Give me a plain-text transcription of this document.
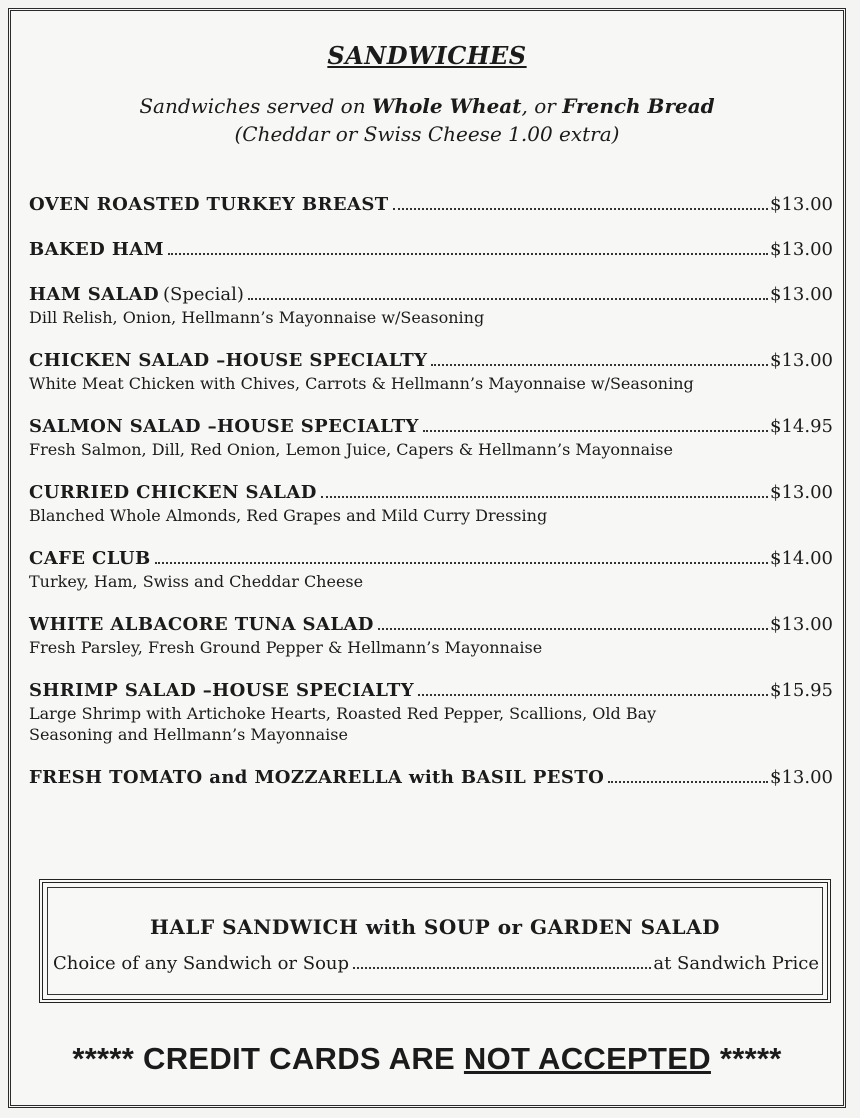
SANDWICHES
Sandwiches served on Whole Wheat, or French Bread
(Cheddar or Swiss Cheese 1.00 extra)
OVEN ROASTED TURKEY BREAST	$13.00
BAKED HAM	$13.00
HAM SALAD (Special)	$13.00
Dill Relish, Onion, Hellmann’s Mayonnaise w/Seasoning
CHICKEN SALAD –HOUSE SPECIALTY	$13.00
White Meat Chicken with Chives, Carrots & Hellmann’s Mayonnaise w/Seasoning
SALMON SALAD –HOUSE SPECIALTY	$14.95
Fresh Salmon, Dill, Red Onion, Lemon Juice, Capers & Hellmann’s Mayonnaise
CURRIED CHICKEN SALAD	$13.00
Blanched Whole Almonds, Red Grapes and Mild Curry Dressing
CAFE CLUB	$14.00
Turkey, Ham, Swiss and Cheddar Cheese
WHITE ALBACORE TUNA SALAD	$13.00
Fresh Parsley, Fresh Ground Pepper & Hellmann’s Mayonnaise
SHRIMP SALAD –HOUSE SPECIALTY	$15.95
Large Shrimp with Artichoke Hearts, Roasted Red Pepper, Scallions, Old Bay
Seasoning and Hellmann’s Mayonnaise
FRESH TOMATO and MOZZARELLA with BASIL PESTO	$13.00
HALF SANDWICH with SOUP or GARDEN SALAD
Choice of any Sandwich or Soup	at Sandwich Price
***** CREDIT CARDS ARE NOT ACCEPTED *****
